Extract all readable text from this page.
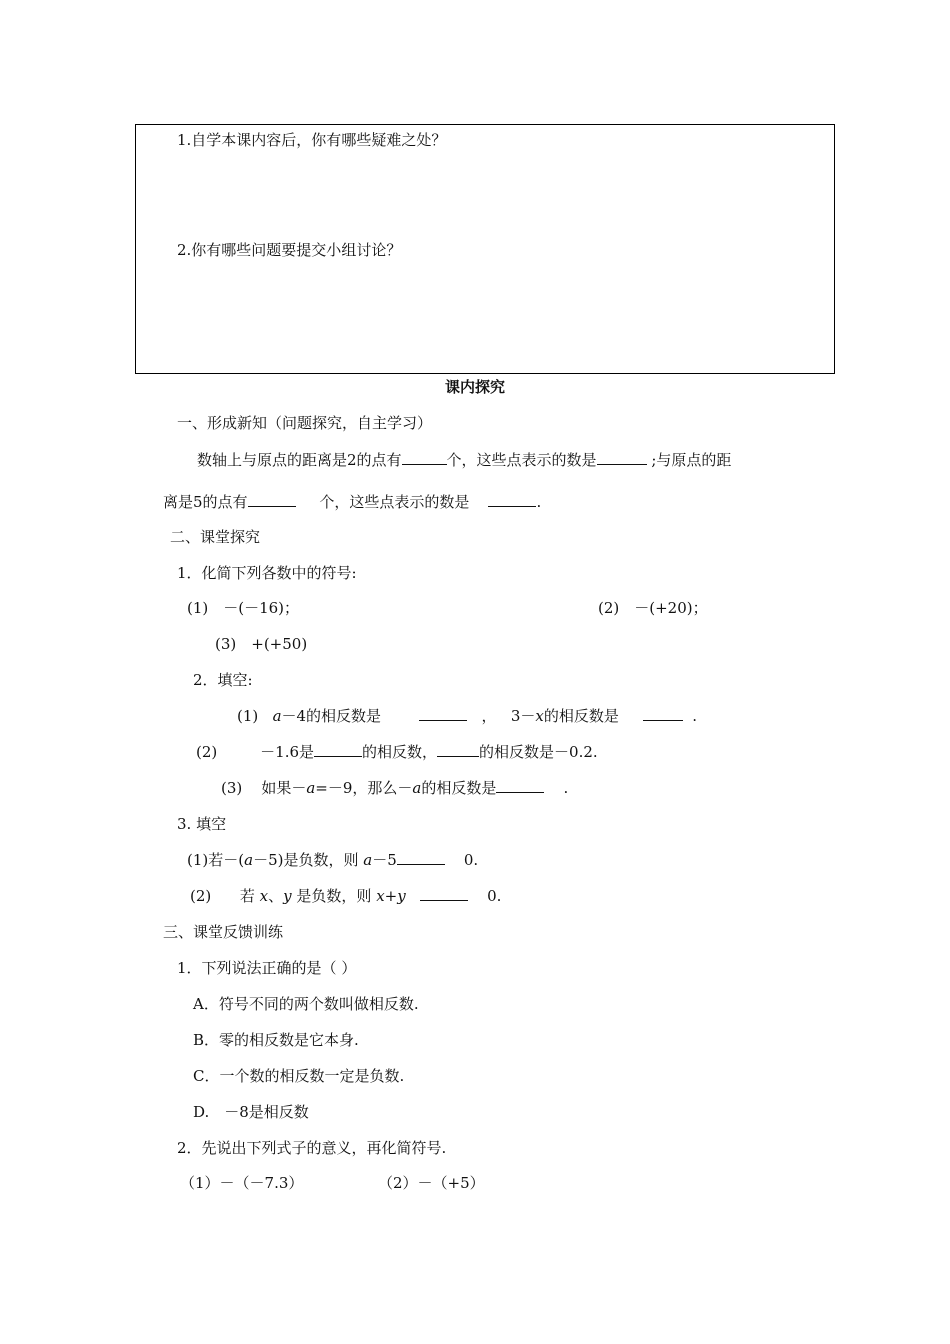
1.自学本课内容后，你有哪些疑难之处？
2.你有哪些问题要提交小组讨论？
课内探究
一、形成新知（问题探究，自主学习）
数轴上与原点的距离是2的点有	个，这些点表示的数是	;与原点的距
离是5的点有	个，这些点表示的数是	.
二、课堂探究
1．化简下列各数中的符号:
(1)　－(－16)；	(2)　－(+20)；
(3)　+(+50)
2．填空:
(1) a－4的相反数是	， 3－x的相反数是	.
(2)	－1.6是	的相反数，	的相反数是－0.2.
(3) 如果－a=－9，那么－a的相反数是	.
3. 填空
(1)若－(a－5)是负数，则 a－5	0.
(2) 若 x、y 是负数，则 x+y	0.
三、课堂反馈训练
1．下列说法正确的是（ ）
A．符号不同的两个数叫做相反数.
B．零的相反数是它本身.
C．一个数的相反数一定是负数.
D.　－8是相反数
2．先说出下列式子的意义，再化简符号.
（1）－（－7.3）	（2）－（+5）
